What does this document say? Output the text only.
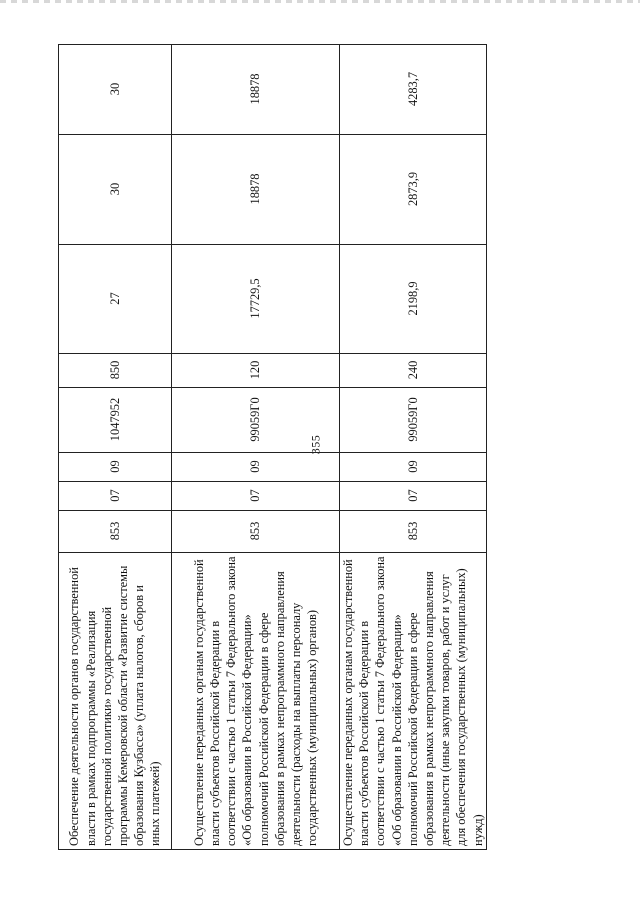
355
Обеспечение деятельности органов государственной власти в рамках подпрограммы «Реализация государственной политики» государственной программы Кемеровской области «Развитие системы образования Кузбасса» (уплата налогов, сборов и иных платежей)	853	07	09	1047952	850	27	30	30
Осуществление переданных органам государственной власти субъектов Российской Федерации в соответствии с частью 1 статьи 7 Федерального закона «Об образовании в Российской Федерации» полномочий Российской Федерации в сфере образования в рамках непрограммного направления деятельности (расходы на выплаты персоналу государственных (муниципальных) органов)	853	07	09	99059Г0	120	17729,5	18878	18878
Осуществление переданных органам государственной власти субъектов Российской Федерации в соответствии с частью 1 статьи 7 Федерального закона «Об образовании в Российской Федерации» полномочий Российской Федерации в сфере образования в рамках непрограммного направления деятельности (иные закупки товаров, работ и услуг для обеспечения государственных (муниципальных) нужд)	853	07	09	99059Г0	240	2198,9	2873,9	4283,7
